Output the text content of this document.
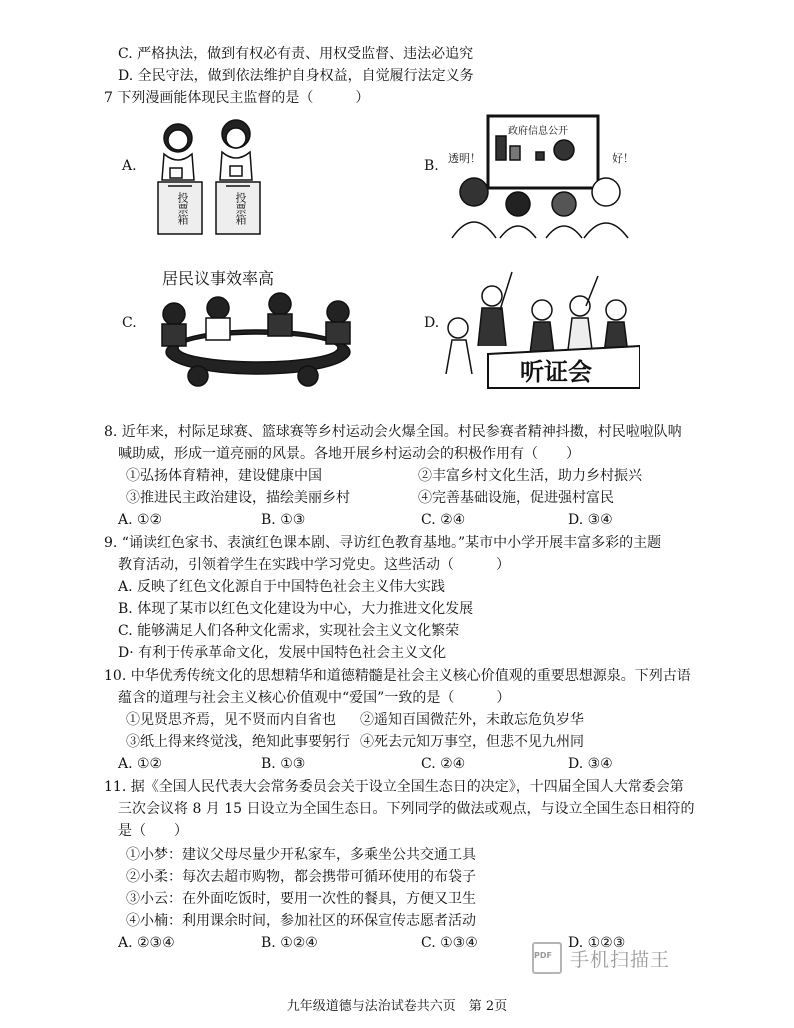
C. 严格执法，做到有权必有责、用权受监督、违法必追究
D. 全民守法，做到依法维护自身权益，自觉履行法定义务
7 下列漫画能体现民主监督的是（　　　）
A.	B.
C.	D.
投票箱	投票箱
政府信息公开
透明！	好！
居民议事效率高
听证会
8. 近年来，村际足球赛、篮球赛等乡村运动会火爆全国。村民参赛者精神抖擞，村民啦啦队呐
喊助威，形成一道亮丽的风景。各地开展乡村运动会的积极作用有（　　）
①弘扬体育精神，建设健康中国	②丰富乡村文化生活，助力乡村振兴
③推进民主政治建设，描绘美丽乡村	④完善基础设施，促进强村富民
A. ①②	B. ①③	C. ②④	D. ③④
9. “诵读红色家书、表演红色课本剧、寻访红色教育基地。”某市中小学开展丰富多彩的主题
教育活动，引领着学生在实践中学习党史。这些活动（　　　）
A. 反映了红色文化源自于中国特色社会主义伟大实践
B. 体现了某市以红色文化建设为中心，大力推进文化发展
C. 能够满足人们各种文化需求，实现社会主义文化繁荣
D· 有利于传承革命文化，发展中国特色社会主义文化
10. 中华优秀传统文化的思想精华和道德精髓是社会主义核心价值观的重要思想源泉。下列古语
蕴含的道理与社会主义核心价值观中“爱国”一致的是（　　　）
①见贤思齐焉，见不贤而内自省也 ②遥知百国微茫外，未敢忘危负岁华
③纸上得来终觉浅，绝知此事要躬行 ④死去元知万事空，但悲不见九州同
A. ①②	B. ①③	C. ②④	D. ③④
11. 据《全国人民代表大会常务委员会关于设立全国生态日的决定》，十四届全国人大常委会第
三次会议将 8 月 15 日设立为全国生态日。下列同学的做法或观点，与设立全国生态日相符的
是（　　）
①小梦：建议父母尽量少开私家车，多乘坐公共交通工具
②小柔：每次去超市购物，都会携带可循环使用的布袋子
③小云：在外面吃饭时，要用一次性的餐具，方便又卫生
④小楠：利用课余时间，参加社区的环保宣传志愿者活动
A. ②③④	B. ①②④	C. ①③④	D. ①②③
PDF 手机扫描王
九年级道德与法治试卷共六页　第 2页
